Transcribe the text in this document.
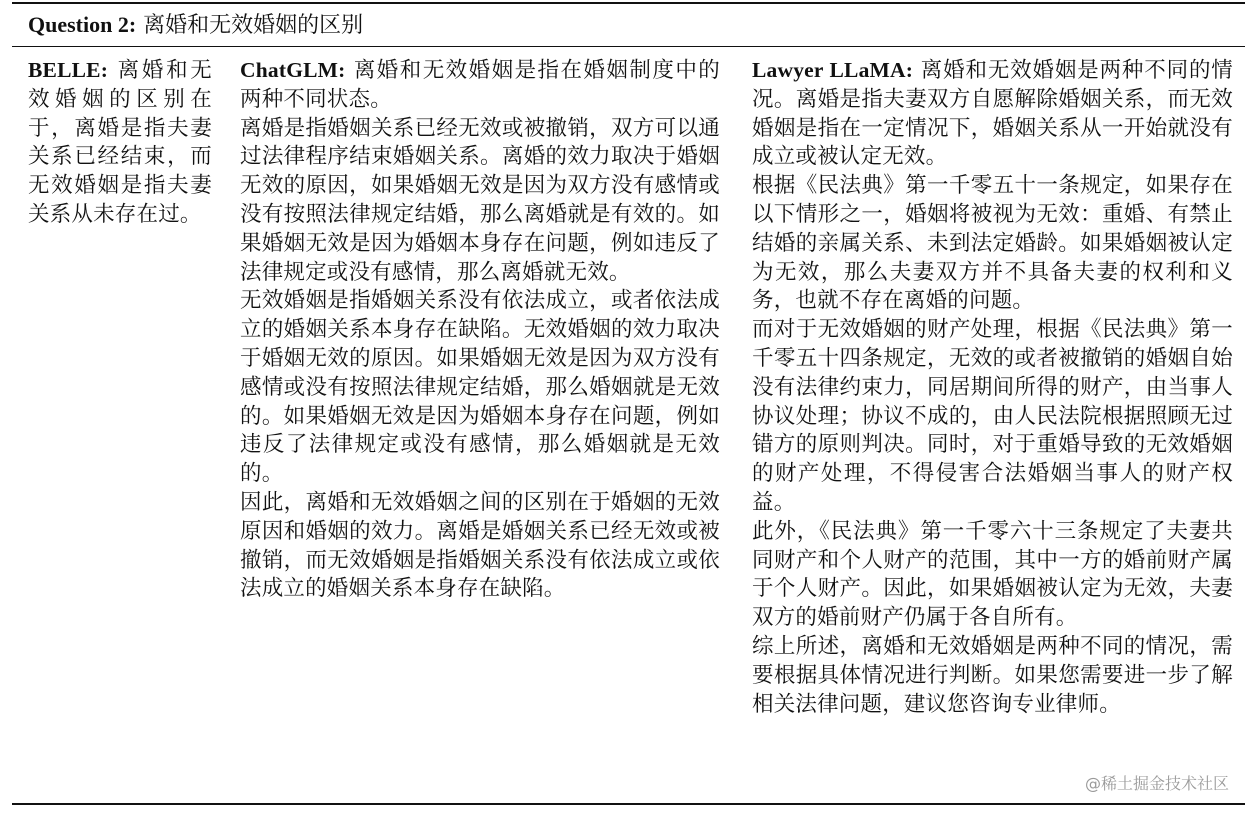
Question 2: 离婚和无效婚姻的区别

BELLE: 离婚和无效婚姻的区别在于，离婚是指夫妻关系已经结束，而无效婚姻是指夫妻关系从未存在过。

ChatGLM: 离婚和无效婚姻是指在婚姻制度中的两种不同状态。

离婚是指婚姻关系已经无效或被撤销，双方可以通过法律程序结束婚姻关系。离婚的效力取决于婚姻无效的原因，如果婚姻无效是因为双方没有感情或没有按照法律规定结婚，那么离婚就是有效的。如果婚姻无效是因为婚姻本身存在问题，例如违反了法律规定或没有感情，那么离婚就无效。

无效婚姻是指婚姻关系没有依法成立，或者依法成立的婚姻关系本身存在缺陷。无效婚姻的效力取决于婚姻无效的原因。如果婚姻无效是因为双方没有感情或没有按照法律规定结婚，那么婚姻就是无效的。如果婚姻无效是因为婚姻本身存在问题，例如违反了法律规定或没有感情，那么婚姻就是无效的。

因此，离婚和无效婚姻之间的区别在于婚姻的无效原因和婚姻的效力。离婚是婚姻关系已经无效或被撤销，而无效婚姻是指婚姻关系没有依法成立或依法成立的婚姻关系本身存在缺陷。

Lawyer LLaMA: 离婚和无效婚姻是两种不同的情况。离婚是指夫妻双方自愿解除婚姻关系，而无效婚姻是指在一定情况下，婚姻关系从一开始就没有成立或被认定无效。

根据《民法典》第一千零五十一条规定，如果存在以下情形之一，婚姻将被视为无效：重婚、有禁止结婚的亲属关系、未到法定婚龄。如果婚姻被认定为无效，那么夫妻双方并不具备夫妻的权利和义务，也就不存在离婚的问题。

而对于无效婚姻的财产处理，根据《民法典》第一千零五十四条规定，无效的或者被撤销的婚姻自始没有法律约束力，同居期间所得的财产，由当事人协议处理；协议不成的，由人民法院根据照顾无过错方的原则判决。同时，对于重婚导致的无效婚姻的财产处理，不得侵害合法婚姻当事人的财产权益。

此外，《民法典》第一千零六十三条规定了夫妻共同财产和个人财产的范围，其中一方的婚前财产属于个人财产。因此，如果婚姻被认定为无效，夫妻双方的婚前财产仍属于各自所有。

综上所述，离婚和无效婚姻是两种不同的情况，需要根据具体情况进行判断。如果您需要进一步了解相关法律问题，建议您咨询专业律师。

@稀土掘金技术社区
